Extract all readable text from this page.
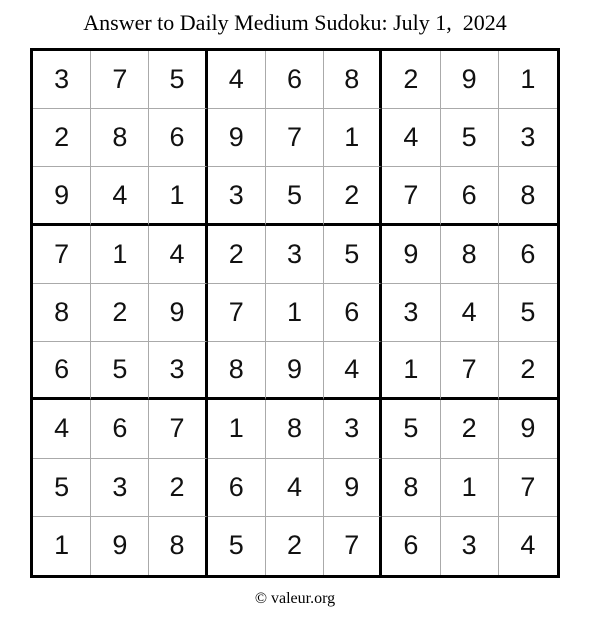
Answer to Daily Medium Sudoku: July 1,  2024
3	7	5	4	6	8	2	9	1
2	8	6	9	7	1	4	5	3
9	4	1	3	5	2	7	6	8
7	1	4	2	3	5	9	8	6
8	2	9	7	1	6	3	4	5
6	5	3	8	9	4	1	7	2
4	6	7	1	8	3	5	2	9
5	3	2	6	4	9	8	1	7
1	9	8	5	2	7	6	3	4
© valeur.org
